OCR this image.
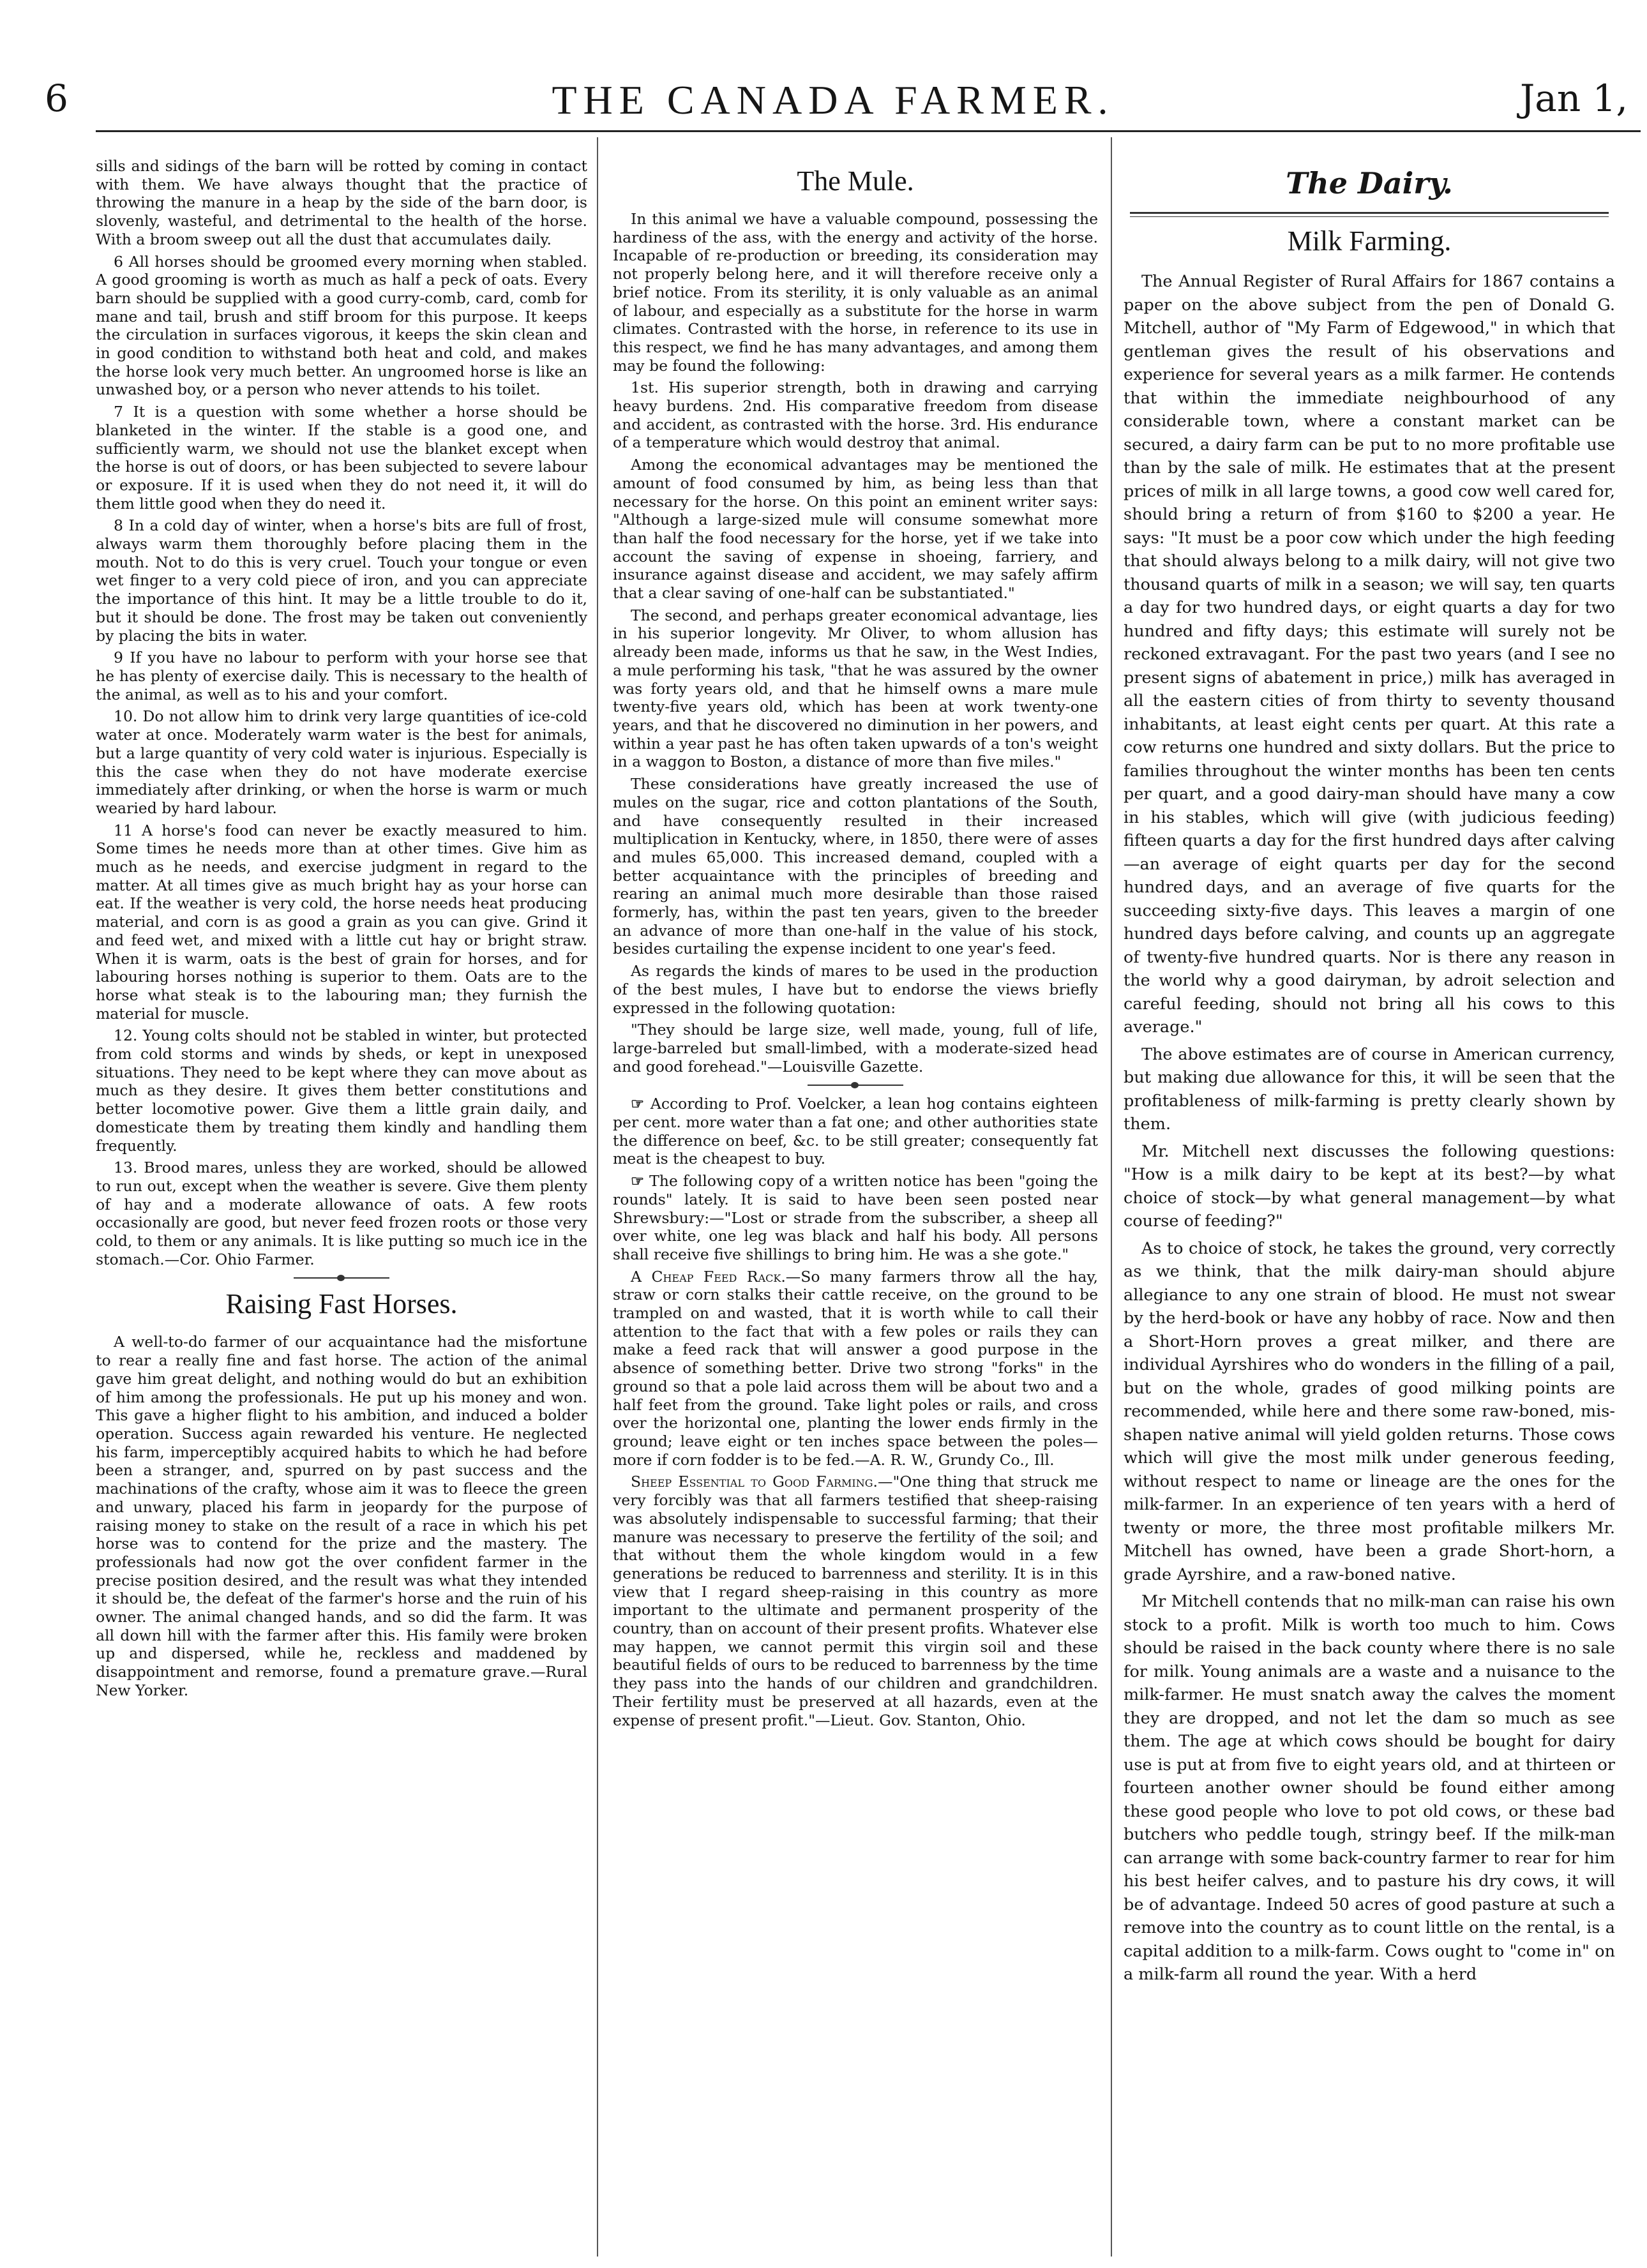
6	THE CANADA FARMER.	Jan 1,

sills and sidings of the barn will be rotted by coming in contact with them. We have always thought that the practice of throwing the manure in a heap by the side of the barn door, is slovenly, wasteful, and detrimental to the health of the horse. With a broom sweep out all the dust that accumulates daily.

6 All horses should be groomed every morning when stabled. A good grooming is worth as much as half a peck of oats. Every barn should be supplied with a good curry-comb, card, comb for mane and tail, brush and stiff broom for this purpose. It keeps the circulation in surfaces vigorous, it keeps the skin clean and in good condition to withstand both heat and cold, and makes the horse look very much better. An ungroomed horse is like an unwashed boy, or a person who never attends to his toilet.

7 It is a question with some whether a horse should be blanketed in the winter. If the stable is a good one, and sufficiently warm, we should not use the blanket except when the horse is out of doors, or has been subjected to severe labour or exposure. If it is used when they do not need it, it will do them little good when they do need it.

8 In a cold day of winter, when a horse's bits are full of frost, always warm them thoroughly before placing them in the mouth. Not to do this is very cruel. Touch your tongue or even wet finger to a very cold piece of iron, and you can appreciate the importance of this hint. It may be a little trouble to do it, but it should be done. The frost may be taken out conveniently by placing the bits in water.

9 If you have no labour to perform with your horse see that he has plenty of exercise daily. This is necessary to the health of the animal, as well as to his and your comfort.

10. Do not allow him to drink very large quantities of ice-cold water at once. Moderately warm water is the best for animals, but a large quantity of very cold water is injurious. Especially is this the case when they do not have moderate exercise immediately after drinking, or when the horse is warm or much wearied by hard labour.

11 A horse's food can never be exactly measured to him. Some times he needs more than at other times. Give him as much as he needs, and exercise judgment in regard to the matter. At all times give as much bright hay as your horse can eat. If the weather is very cold, the horse needs heat producing material, and corn is as good a grain as you can give. Grind it and feed wet, and mixed with a little cut hay or bright straw. When it is warm, oats is the best of grain for horses, and for labouring horses nothing is superior to them. Oats are to the horse what steak is to the labouring man; they furnish the material for muscle.

12. Young colts should not be stabled in winter, but protected from cold storms and winds by sheds, or kept in unexposed situations. They need to be kept where they can move about as much as they desire. It gives them better constitutions and better locomotive power. Give them a little grain daily, and domesticate them by treating them kindly and handling them frequently.

13. Brood mares, unless they are worked, should be allowed to run out, except when the weather is severe. Give them plenty of hay and a moderate allowance of oats. A few roots occasionally are good, but never feed frozen roots or those very cold, to them or any animals. It is like putting so much ice in the stomach.—Cor. Ohio Farmer.

Raising Fast Horses.

A well-to-do farmer of our acquaintance had the misfortune to rear a really fine and fast horse. The action of the animal gave him great delight, and nothing would do but an exhibition of him among the professionals. He put up his money and won. This gave a higher flight to his ambition, and induced a bolder operation. Success again rewarded his venture. He neglected his farm, imperceptibly acquired habits to which he had before been a stranger, and, spurred on by past success and the machinations of the crafty, whose aim it was to fleece the green and unwary, placed his farm in jeopardy for the purpose of raising money to stake on the result of a race in which his pet horse was to contend for the prize and the mastery. The professionals had now got the over confident farmer in the precise position desired, and the result was what they intended it should be, the defeat of the farmer's horse and the ruin of his owner. The animal changed hands, and so did the farm. It was all down hill with the farmer after this. His family were broken up and dispersed, while he, reckless and maddened by disappointment and remorse, found a premature grave.—Rural New Yorker.

The Mule.

In this animal we have a valuable compound, possessing the hardiness of the ass, with the energy and activity of the horse. Incapable of re-production or breeding, its consideration may not properly belong here, and it will therefore receive only a brief notice. From its sterility, it is only valuable as an animal of labour, and especially as a substitute for the horse in warm climates. Contrasted with the horse, in reference to its use in this respect, we find he has many advantages, and among them may be found the following:

1st. His superior strength, both in drawing and carrying heavy burdens. 2nd. His comparative freedom from disease and accident, as contrasted with the horse. 3rd. His endurance of a temperature which would destroy that animal.

Among the economical advantages may be mentioned the amount of food consumed by him, as being less than that necessary for the horse. On this point an eminent writer says: "Although a large-sized mule will consume somewhat more than half the food necessary for the horse, yet if we take into account the saving of expense in shoeing, farriery, and insurance against disease and accident, we may safely affirm that a clear saving of one-half can be substantiated."

The second, and perhaps greater economical advantage, lies in his superior longevity. Mr Oliver, to whom allusion has already been made, informs us that he saw, in the West Indies, a mule performing his task, "that he was assured by the owner was forty years old, and that he himself owns a mare mule twenty-five years old, which has been at work twenty-one years, and that he discovered no diminution in her powers, and within a year past he has often taken upwards of a ton's weight in a waggon to Boston, a distance of more than five miles."

These considerations have greatly increased the use of mules on the sugar, rice and cotton plantations of the South, and have consequently resulted in their increased multiplication in Kentucky, where, in 1850, there were of asses and mules 65,000. This increased demand, coupled with a better acquaintance with the principles of breeding and rearing an animal much more desirable than those raised formerly, has, within the past ten years, given to the breeder an advance of more than one-half in the value of his stock, besides curtailing the expense incident to one year's feed.

As regards the kinds of mares to be used in the production of the best mules, I have but to endorse the views briefly expressed in the following quotation:

"They should be large size, well made, young, full of life, large-barreled but small-limbed, with a moderate-sized head and good forehead."—Louisville Gazette.

☞ According to Prof. Voelcker, a lean hog contains eighteen per cent. more water than a fat one; and other authorities state the difference on beef, &c. to be still greater; consequently fat meat is the cheapest to buy.

☞ The following copy of a written notice has been "going the rounds" lately. It is said to have been seen posted near Shrewsbury:—"Lost or strade from the subscriber, a sheep all over white, one leg was black and half his body. All persons shall receive five shillings to bring him. He was a she gote."

A Cheap Feed Rack.—So many farmers throw all the hay, straw or corn stalks their cattle receive, on the ground to be trampled on and wasted, that it is worth while to call their attention to the fact that with a few poles or rails they can make a feed rack that will answer a good purpose in the absence of something better. Drive two strong "forks" in the ground so that a pole laid across them will be about two and a half feet from the ground. Take light poles or rails, and cross over the horizontal one, planting the lower ends firmly in the ground; leave eight or ten inches space between the poles—more if corn fodder is to be fed.—A. R. W., Grundy Co., Ill.

Sheep Essential to Good Farming.—"One thing that struck me very forcibly was that all farmers testified that sheep-raising was absolutely indispensable to successful farming; that their manure was necessary to preserve the fertility of the soil; and that without them the whole kingdom would in a few generations be reduced to barrenness and sterility. It is in this view that I regard sheep-raising in this country as more important to the ultimate and permanent prosperity of the country, than on account of their present profits. Whatever else may happen, we cannot permit this virgin soil and these beautiful fields of ours to be reduced to barrenness by the time they pass into the hands of our children and grandchildren. Their fertility must be preserved at all hazards, even at the expense of present profit."—Lieut. Gov. Stanton, Ohio.

The Dairy.
Milk Farming.

The Annual Register of Rural Affairs for 1867 contains a paper on the above subject from the pen of Donald G. Mitchell, author of "My Farm of Edgewood," in which that gentleman gives the result of his observations and experience for several years as a milk farmer. He contends that within the immediate neighbourhood of any considerable town, where a constant market can be secured, a dairy farm can be put to no more profitable use than by the sale of milk. He estimates that at the present prices of milk in all large towns, a good cow well cared for, should bring a return of from $160 to $200 a year. He says: "It must be a poor cow which under the high feeding that should always belong to a milk dairy, will not give two thousand quarts of milk in a season; we will say, ten quarts a day for two hundred days, or eight quarts a day for two hundred and fifty days; this estimate will surely not be reckoned extravagant. For the past two years (and I see no present signs of abatement in price,) milk has averaged in all the eastern cities of from thirty to seventy thousand inhabitants, at least eight cents per quart. At this rate a cow returns one hundred and sixty dollars. But the price to families throughout the winter months has been ten cents per quart, and a good dairy-man should have many a cow in his stables, which will give (with judicious feeding) fifteen quarts a day for the first hundred days after calving—an average of eight quarts per day for the second hundred days, and an average of five quarts for the succeeding sixty-five days. This leaves a margin of one hundred days before calving, and counts up an aggregate of twenty-five hundred quarts. Nor is there any reason in the world why a good dairyman, by adroit selection and careful feeding, should not bring all his cows to this average."

The above estimates are of course in American currency, but making due allowance for this, it will be seen that the profitableness of milk-farming is pretty clearly shown by them.

Mr. Mitchell next discusses the following questions: "How is a milk dairy to be kept at its best?—by what choice of stock—by what general management—by what course of feeding?"

As to choice of stock, he takes the ground, very correctly as we think, that the milk dairy-man should abjure allegiance to any one strain of blood. He must not swear by the herd-book or have any hobby of race. Now and then a Short-Horn proves a great milker, and there are individual Ayrshires who do wonders in the filling of a pail, but on the whole, grades of good milking points are recommended, while here and there some raw-boned, mis-shapen native animal will yield golden returns. Those cows which will give the most milk under generous feeding, without respect to name or lineage are the ones for the milk-farmer. In an experience of ten years with a herd of twenty or more, the three most profitable milkers Mr. Mitchell has owned, have been a grade Short-horn, a grade Ayrshire, and a raw-boned native.

Mr Mitchell contends that no milk-man can raise his own stock to a profit. Milk is worth too much to him. Cows should be raised in the back county where there is no sale for milk. Young animals are a waste and a nuisance to the milk-farmer. He must snatch away the calves the moment they are dropped, and not let the dam so much as see them. The age at which cows should be bought for dairy use is put at from five to eight years old, and at thirteen or fourteen another owner should be found either among these good people who love to pot old cows, or these bad butchers who peddle tough, stringy beef. If the milk-man can arrange with some back-country farmer to rear for him his best heifer calves, and to pasture his dry cows, it will be of advantage. Indeed 50 acres of good pasture at such a remove into the country as to count little on the rental, is a capital addition to a milk-farm. Cows ought to "come in" on a milk-farm all round the year. With a herd
